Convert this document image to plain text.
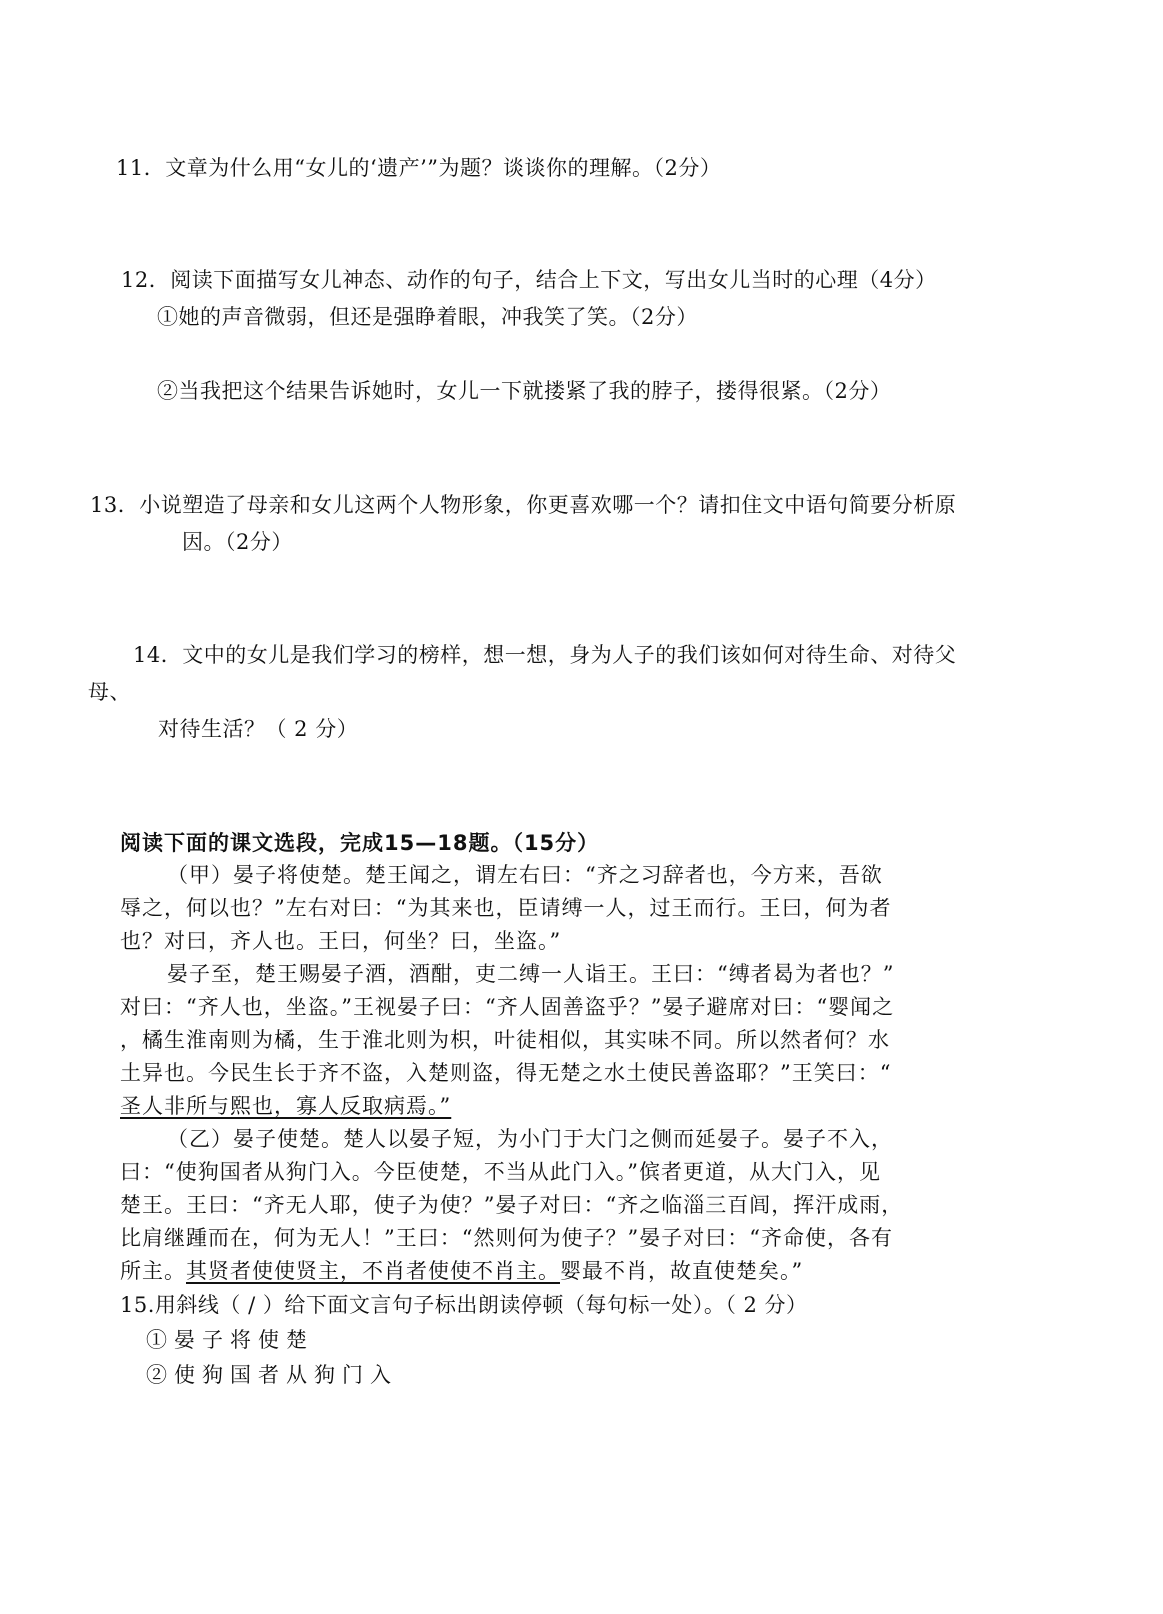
11．文章为什么用“女儿的‘遗产’”为题？谈谈你的理解。（2分）
12．阅读下面描写女儿神态、动作的句子，结合上下文，写出女儿当时的心理（4分）
①她的声音微弱，但还是强睁着眼，冲我笑了笑。（2分）
②当我把这个结果告诉她时，女儿一下就搂紧了我的脖子，搂得很紧。（2分）
13．小说塑造了母亲和女儿这两个人物形象，你更喜欢哪一个？请扣住文中语句简要分析原
因。（2分）
14．文中的女儿是我们学习的榜样，想一想，身为人子的我们该如何对待生命、对待父
母、
对待生活？（ 2 分）
阅读下面的课文选段，完成15—18题。（15分）
（甲）晏子将使楚。楚王闻之，谓左右曰：“齐之习辞者也，今方来，吾欲
辱之，何以也？”左右对曰：“为其来也，臣请缚一人，过王而行。王曰，何为者
也？对曰，齐人也。王曰，何坐？曰，坐盗。”
晏子至，楚王赐晏子酒，酒酣，吏二缚一人诣王。王曰：“缚者曷为者也？”
对曰：“齐人也，坐盗。”王视晏子曰：“齐人固善盗乎？”晏子避席对曰：“婴闻之
，橘生淮南则为橘，生于淮北则为枳，叶徒相似，其实味不同。所以然者何？水
土异也。今民生长于齐不盗，入楚则盗，得无楚之水土使民善盗耶？”王笑曰：“
圣人非所与熙也，寡人反取病焉。”
（乙）晏子使楚。楚人以晏子短，为小门于大门之侧而延晏子。晏子不入，
曰：“使狗国者从狗门入。今臣使楚，不当从此门入。”傧者更道，从大门入，见
楚王。王曰：“齐无人耶，使子为使？”晏子对曰：“齐之临淄三百闾，挥汗成雨，
比肩继踵而在，何为无人！”王曰：“然则何为使子？”晏子对曰：“齐命使，各有
所主。其贤者使使贤主，不肖者使使不肖主。婴最不肖，故直使楚矣。”
15.用斜线（ / ）给下面文言句子标出朗读停顿（每句标一处）。（ 2 分）
①晏子将使楚
②使狗国者从狗门入
